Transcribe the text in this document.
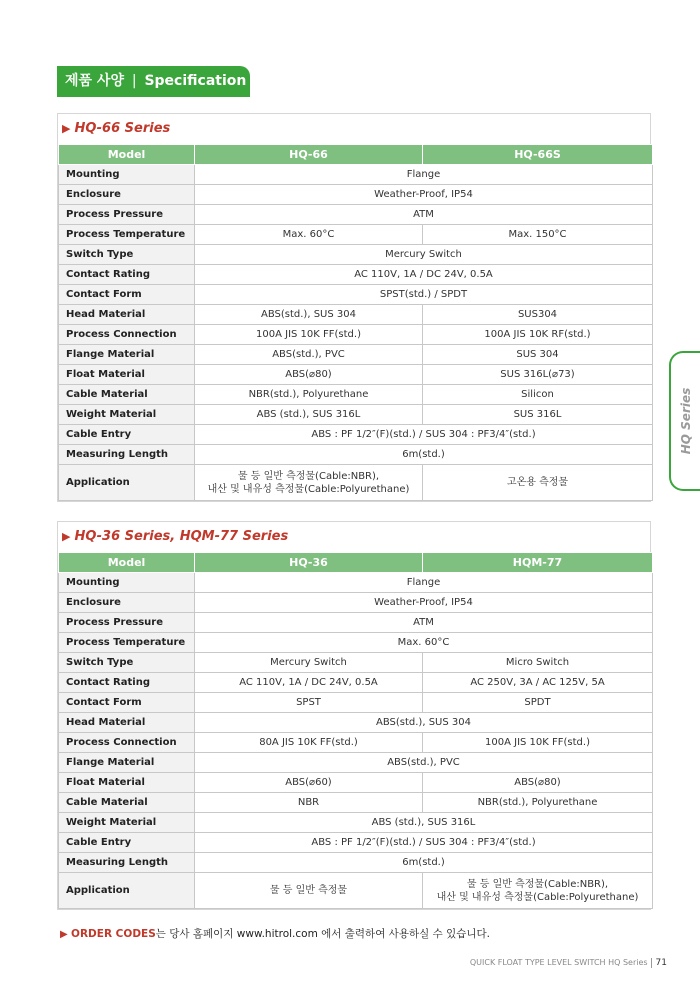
제품 사양 | Specification
▶ HQ-66 Series
Model	HQ-66	HQ-66S
Mounting	Flange	
Enclosure	Weather-Proof, IP54	
Process Pressure	ATM	
Process Temperature	Max. 60°C	Max. 150°C
Switch Type	Mercury Switch	
Contact Rating	AC 110V, 1A / DC 24V, 0.5A	
Contact Form	SPST(std.) / SPDT	
Head Material	ABS(std.), SUS 304	SUS304
Process Connection	100A JIS 10K FF(std.)	100A JIS 10K RF(std.)
Flange Material	ABS(std.), PVC	SUS 304
Float Material	ABS(⌀80)	SUS 316L(⌀73)
Cable Material	NBR(std.), Polyurethane	Silicon
Weight Material	ABS (std.), SUS 316L	SUS 316L
Cable Entry	ABS : PF 1/2″(F)(std.) / SUS 304 : PF3/4″(std.)	
Measuring Length	6m(std.)	
Application	물 등 일반 측정물(Cable:NBR),
내산 및 내유성 측정물(Cable:Polyurethane)	고온용 측정물
HQ Series
▶ HQ-36 Series, HQM-77 Series
Model	HQ-36	HQM-77
Mounting	Flange	
Enclosure	Weather-Proof, IP54	
Process Pressure	ATM	
Process Temperature	Max. 60°C	
Switch Type	Mercury Switch	Micro Switch
Contact Rating	AC 110V, 1A / DC 24V, 0.5A	AC 250V, 3A / AC 125V, 5A
Contact Form	SPST	SPDT
Head Material	ABS(std.), SUS 304	
Process Connection	80A JIS 10K FF(std.)	100A JIS 10K FF(std.)
Flange Material	ABS(std.), PVC	
Float Material	ABS(⌀60)	ABS(⌀80)
Cable Material	NBR	NBR(std.), Polyurethane
Weight Material	ABS (std.), SUS 316L	
Cable Entry	ABS : PF 1/2″(F)(std.) / SUS 304 : PF3/4″(std.)	
Measuring Length	6m(std.)	
Application	물 등 일반 측정물	물 등 일반 측정물(Cable:NBR),
내산 및 내유성 측정물(Cable:Polyurethane)
▶ ORDER CODES는 당사 홈페이지 www.hitrol.com 에서 출력하여 사용하실 수 있습니다.
QUICK FLOAT TYPE LEVEL SWITCH HQ Series 71
